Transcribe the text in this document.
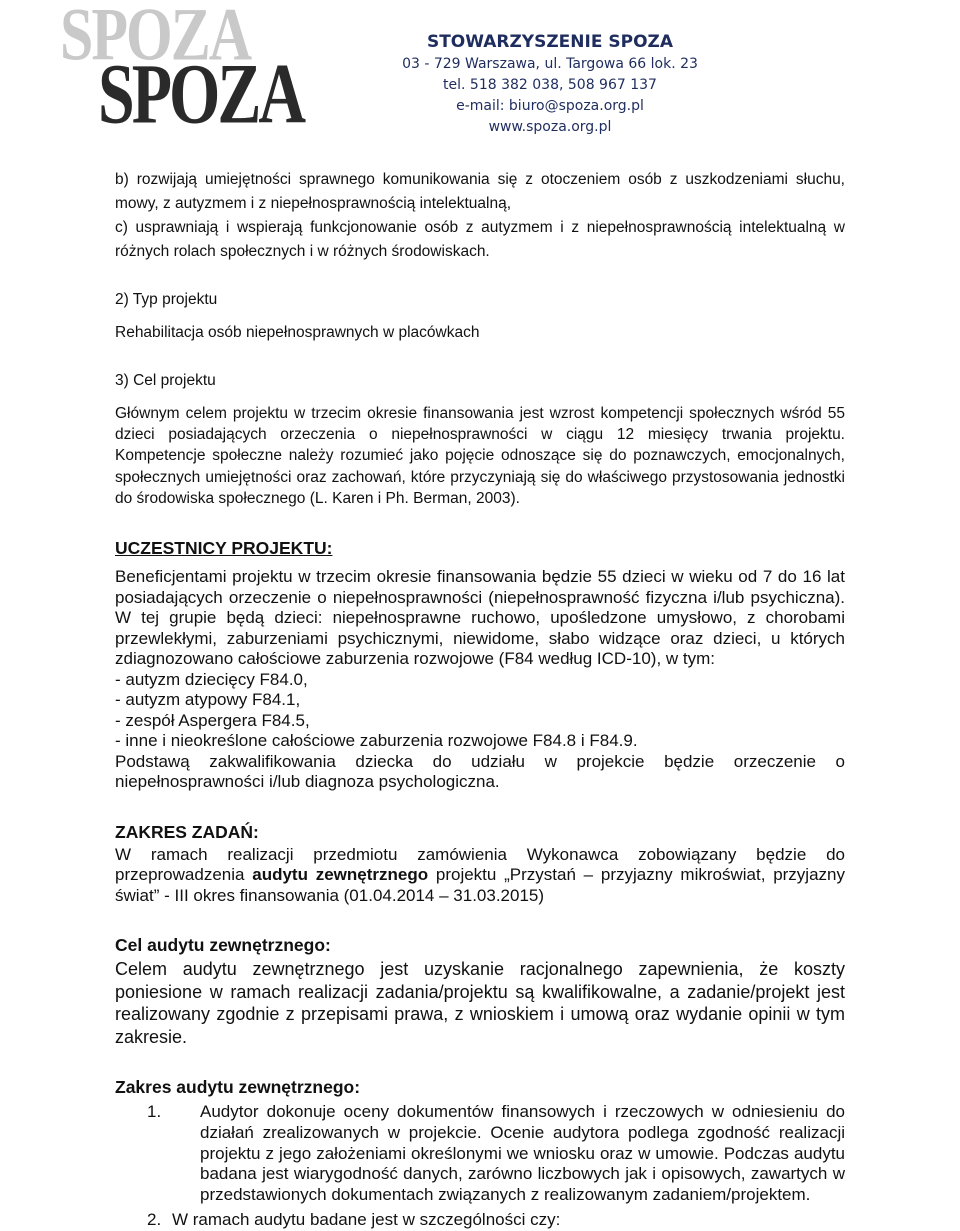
SPOZA
SPOZA
STOWARZYSZENIE SPOZA
03 - 729 Warszawa, ul. Targowa 66 lok. 23
tel. 518 382 038, 508 967 137
e-mail: biuro@spoza.org.pl
www.spoza.org.pl

b) rozwijają umiejętności sprawnego komunikowania się z otoczeniem osób z uszkodzeniami słuchu, mowy, z autyzmem i z niepełnosprawnością intelektualną,

c) usprawniają i wspierają funkcjonowanie osób z autyzmem i z niepełnosprawnością intelektualną w różnych rolach społecznych i w różnych środowiskach.

2) Typ projektu

Rehabilitacja osób niepełnosprawnych w placówkach

3) Cel projektu

Głównym celem projektu w trzecim okresie finansowania jest wzrost kompetencji społecznych wśród 55 dzieci posiadających orzeczenia o niepełnosprawności w ciągu 12 miesięcy trwania projektu. Kompetencje społeczne należy rozumieć jako pojęcie odnoszące się do poznawczych, emocjonalnych, społecznych umiejętności oraz zachowań, które przyczyniają się do właściwego przystosowania jednostki do środowiska społecznego (L. Karen i Ph. Berman, 2003).

UCZESTNICY PROJEKTU:

Beneficjentami projektu w trzecim okresie finansowania będzie 55 dzieci w wieku od 7 do 16 lat posiadających orzeczenie o niepełnosprawności (niepełnosprawność fizyczna i/lub psychiczna). W tej grupie będą dzieci: niepełnosprawne ruchowo, upośledzone umysłowo, z chorobami przewlekłymi, zaburzeniami psychicznymi, niewidome, słabo widzące oraz dzieci, u których zdiagnozowano całościowe zaburzenia rozwojowe (F84 według ICD-10), w tym:

- autyzm dziecięcy F84.0,

- autyzm atypowy F84.1,

- zespół Aspergera F84.5,

- inne i nieokreślone całościowe zaburzenia rozwojowe F84.8 i F84.9.

Podstawą zakwalifikowania dziecka do udziału w projekcie będzie orzeczenie o niepełnosprawności i/lub diagnoza psychologiczna.

ZAKRES ZADAŃ:

W ramach realizacji przedmiotu zamówienia Wykonawca zobowiązany będzie do przeprowadzenia audytu zewnętrznego projektu „Przystań – przyjazny mikroświat, przyjazny świat” - III okres finansowania (01.04.2014 – 31.03.2015)

Cel audytu zewnętrznego:

Celem audytu zewnętrznego jest uzyskanie racjonalnego zapewnienia, że koszty poniesione w ramach realizacji zadania/projektu są kwalifikowalne, a zadanie/projekt jest realizowany zgodnie z przepisami prawa, z wnioskiem i umową oraz wydanie opinii w tym zakresie.

Zakres audytu zewnętrznego:

1. Audytor dokonuje oceny dokumentów finansowych i rzeczowych w odniesieniu do działań zrealizowanych w projekcie. Ocenie audytora podlega zgodność realizacji projektu z jego założeniami określonymi we wniosku oraz w umowie. Podczas audytu badana jest wiarygodność danych, zarówno liczbowych jak i opisowych, zawartych w przedstawionych dokumentach związanych z realizowanym zadaniem/projektem.
2. W ramach audytu badane jest w szczególności czy:
